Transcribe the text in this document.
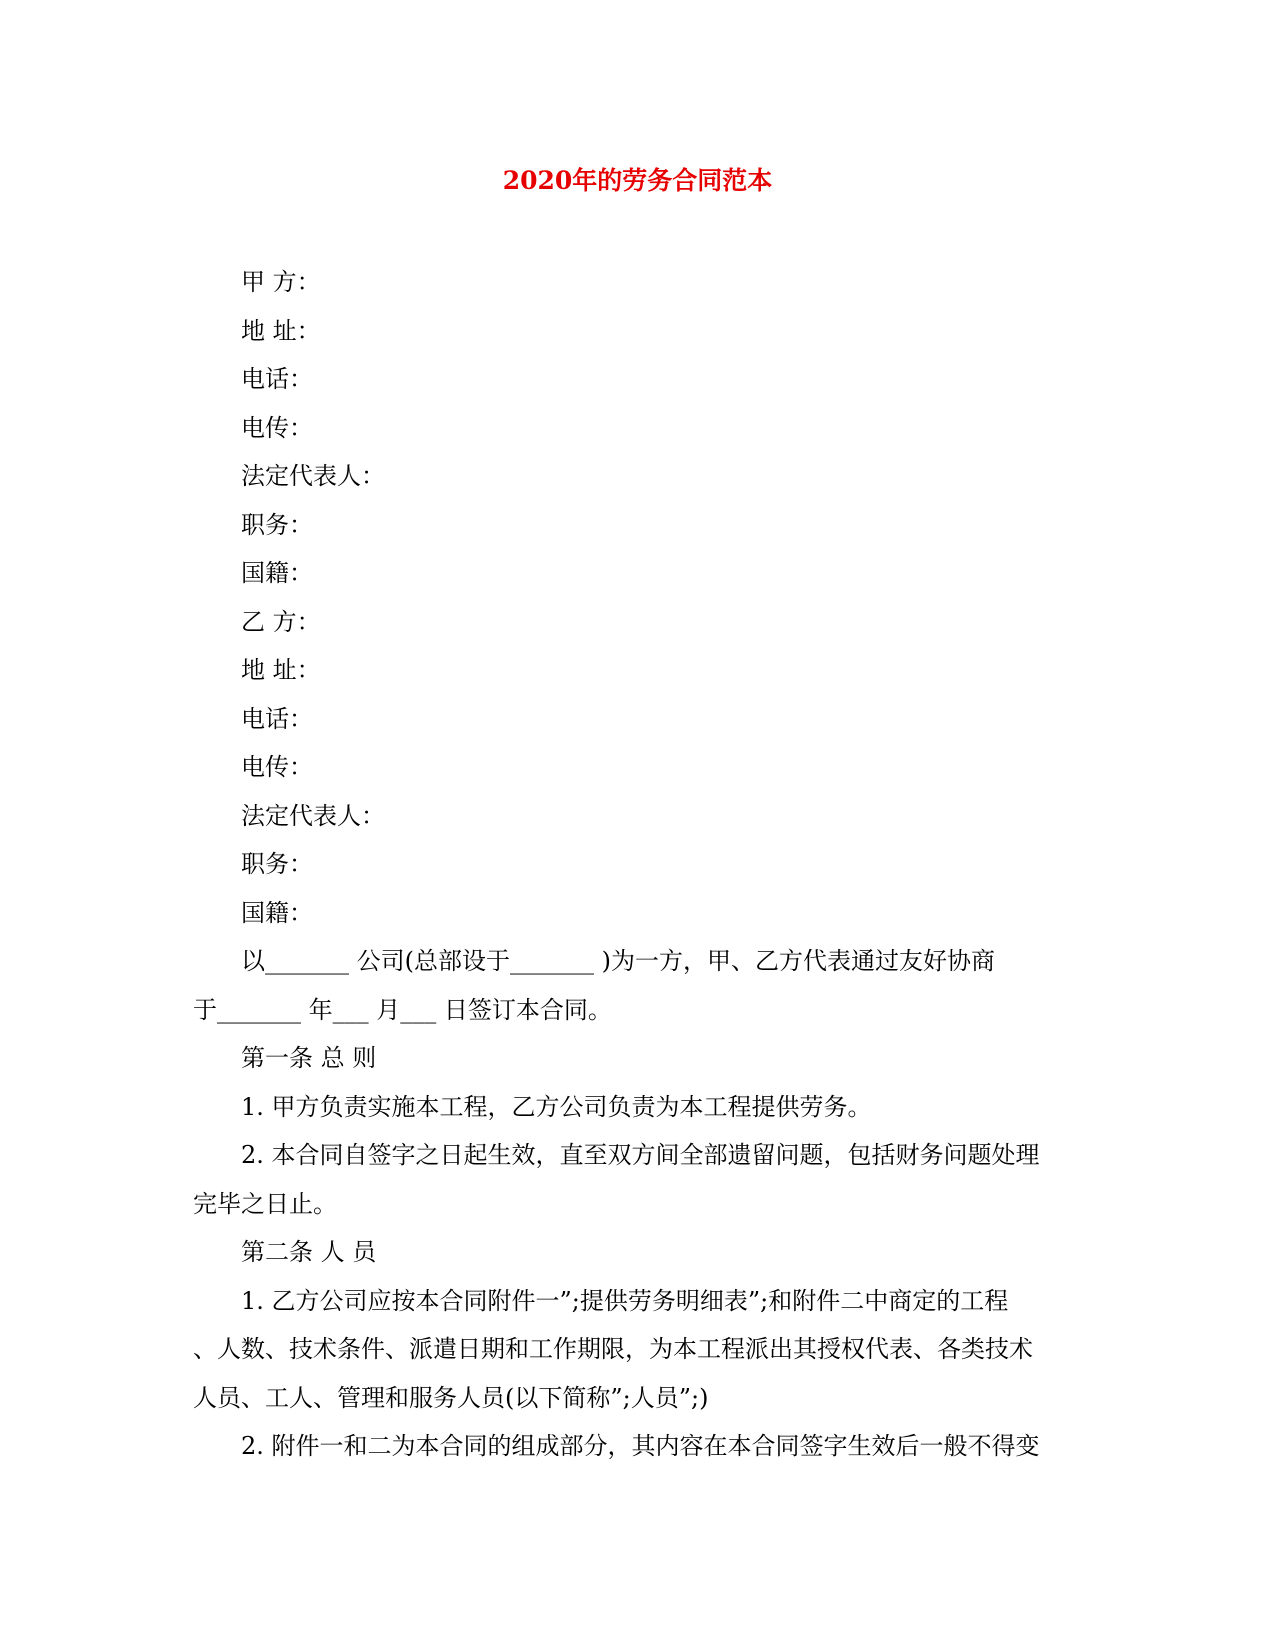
2020年的劳务合同范本

甲 方：

地 址：

电话：

电传：

法定代表人：

职务：

国籍：

乙 方：

地 址：

电话：

电传：

法定代表人：

职务：

国籍：

以_______ 公司(总部设于_______ )为一方，甲、乙方代表通过友好协商

于_______ 年___ 月___ 日签订本合同。

第一条 总 则

1. 甲方负责实施本工程，乙方公司负责为本工程提供劳务。

2. 本合同自签字之日起生效，直至双方间全部遗留问题，包括财务问题处理

完毕之日止。

第二条 人 员

1. 乙方公司应按本合同附件一”;提供劳务明细表”;和附件二中商定的工程

、人数、技术条件、派遣日期和工作期限，为本工程派出其授权代表、各类技术

人员、工人、管理和服务人员(以下简称”;人员”;)

2. 附件一和二为本合同的组成部分，其内容在本合同签字生效后一般不得变
